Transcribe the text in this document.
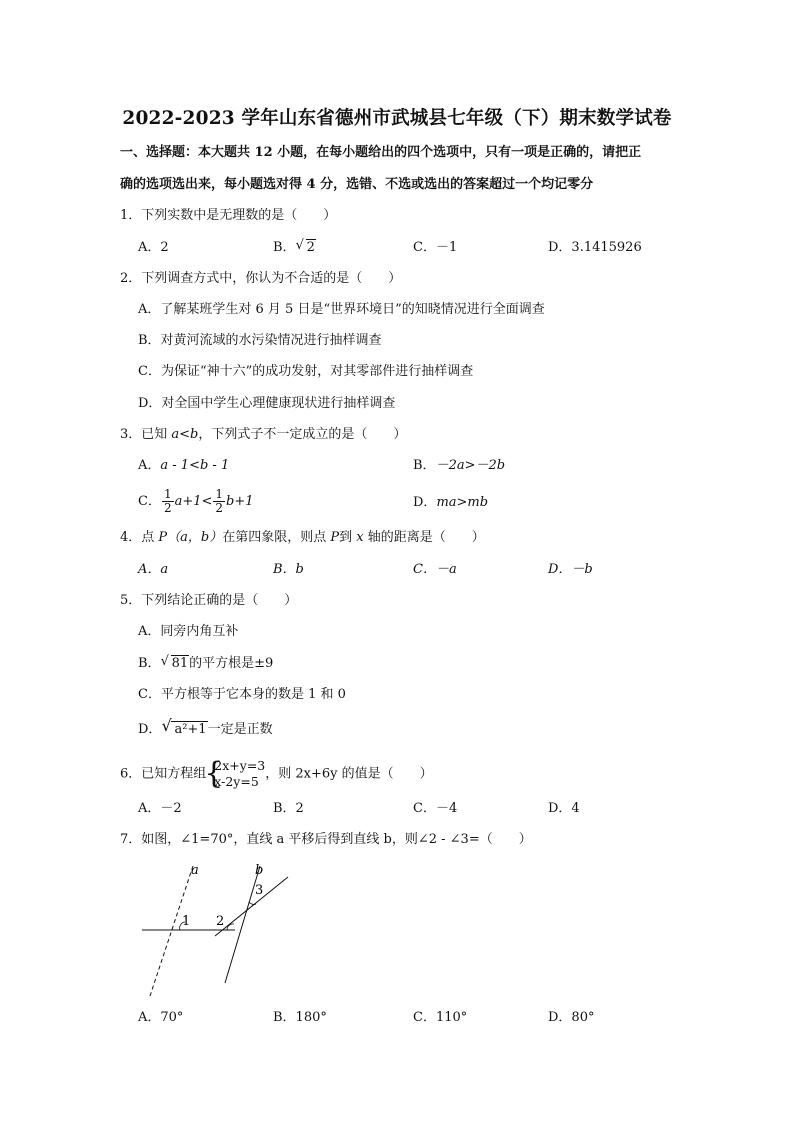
2022-2023 学年山东省德州市武城县七年级（下）期末数学试卷
一、选择题：本大题共 12 小题，在每小题给出的四个选项中，只有一项是正确的，请把正
确的选项选出来，每小题选对得 4 分，选错、不选或选出的答案超过一个均记零分
1．下列实数中是无理数的是（　　）
A．2	B． √ 2	C．－1	D．3.1415926
2．下列调查方式中，你认为不合适的是（　　）
A．了解某班学生对 6 月 5 日是“世界环境日”的知晓情况进行全面调查
B．对黄河流域的水污染情况进行抽样调查
C．为保证“神十六”的成功发射，对其零部件进行抽样调查
D．对全国中学生心理健康现状进行抽样调查
3．已知 a<b，下列式子不一定成立的是（　　）
A．a - 1<b - 1	B．－2a>－2b
C． $\frac{1}{2} a+1< \frac{1}{2} b+1$	D．ma>mb
4．点 P（a，b）在第四象限，则点 P到 x 轴的距离是（　　）
A．a	B．b	C．－a	D．－b
5．下列结论正确的是（　　）
A．同旁内角互补
B． √ 81的平方根是±9
C．平方根等于它本身的数是 1 和 0
D． √ a²+1一定是正数
6．已知方程组
{
2x+y=3
x-2y=5 ，则 2x+6y 的值是（　　）
A．－2	B．2	C．－4	D．4
7．如图，∠1=70°，直线 a 平移后得到直线 b，则∠2 - ∠3=（　　）
a	b
1 2
3
A．70°	B．180°	C．110°	D．80°
